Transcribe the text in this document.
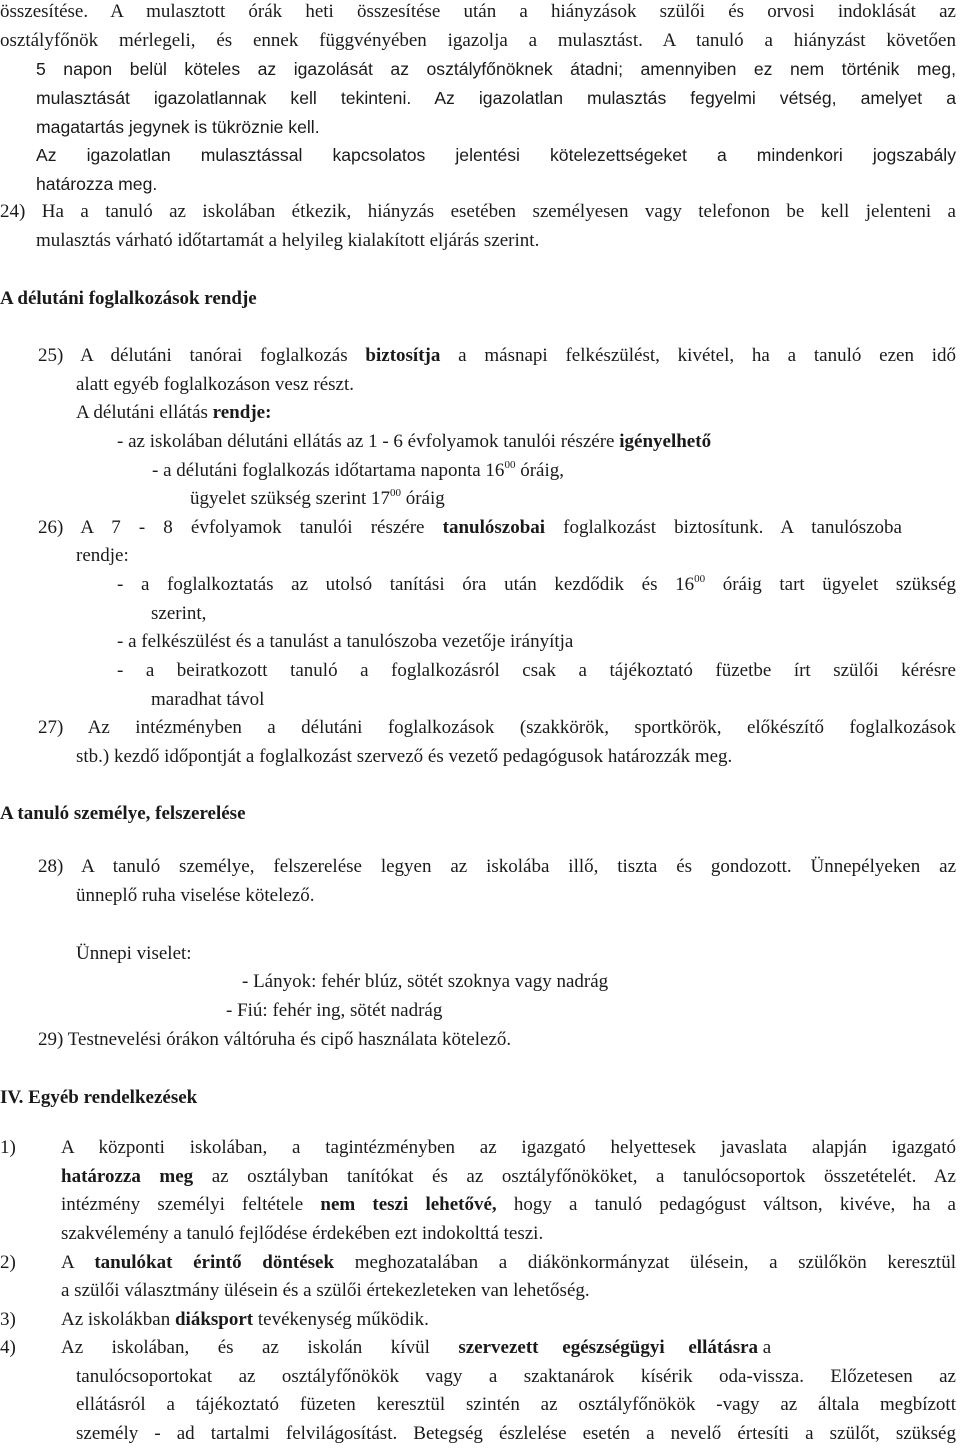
összesítése. A mulasztott órák heti összesítése után a hiányzások szülői és orvosi indoklását az
osztályfőnök mérlegeli, és ennek függvényében igazolja a mulasztást. A tanuló a hiányzást követően
5 napon belül köteles az igazolását az osztályfőnöknek átadni; amennyiben ez nem történik meg,
mulasztását igazolatlannak kell tekinteni. Az igazolatlan mulasztás fegyelmi vétség, amelyet a
magatartás jegynek is tükröznie kell.
Az igazolatlan mulasztással kapcsolatos jelentési kötelezettségeket a mindenkori jogszabály
határozza meg.
24) Ha a tanuló az iskolában étkezik, hiányzás esetében személyesen vagy telefonon be kell jelenteni a
mulasztás várható időtartamát a helyileg kialakított eljárás szerint.
A délutáni foglalkozások rendje
25) A délutáni tanórai foglalkozás biztosítja a másnapi felkészülést, kivétel, ha a tanuló ezen idő
alatt egyéb foglalkozáson vesz részt.
A délutáni ellátás rendje:
- az iskolában délutáni ellátás az 1 - 6 évfolyamok tanulói részére igényelhető
- a délutáni foglalkozás időtartama naponta $16^{00}$ óráig,
ügyelet szükség szerint $17^{00}$ óráig
26) A 7 - 8 évfolyamok tanulói részére tanulószobai foglalkozást biztosítunk. A tanulószoba
rendje:
- a foglalkoztatás az utolsó tanítási óra után kezdődik és $16^{00}$ óráig tart ügyelet szükség
szerint,
- a felkészülést és a tanulást a tanulószoba vezetője irányítja
- a beiratkozott tanuló a foglalkozásról csak a tájékoztató füzetbe írt szülői kérésre
maradhat távol
27) Az intézményben a délutáni foglalkozások (szakkörök, sportkörök, előkészítő foglalkozások
stb.) kezdő időpontját a foglalkozást szervező és vezető pedagógusok határozzák meg.
A tanuló személye, felszerelése
28) A tanuló személye, felszerelése legyen az iskolába illő, tiszta és gondozott. Ünnepélyeken az
ünneplő ruha viselése kötelező.
Ünnepi viselet:
- Lányok: fehér blúz, sötét szoknya vagy nadrág
- Fiú: fehér ing, sötét nadrág
29) Testnevelési órákon váltóruha és cipő használata kötelező.
IV. Egyéb rendelkezések
1) A központi iskolában, a tagintézményben az igazgató helyettesek javaslata alapján igazgató
határozza meg az osztályban tanítókat és az osztályfőnököket, a tanulócsoportok összetételét. Az
intézmény személyi feltétele nem teszi lehetővé, hogy a tanuló pedagógust váltson, kivéve, ha a
szakvélemény a tanuló fejlődése érdekében ezt indokolttá teszi.
2) A tanulókat érintő döntések meghozatalában a diákönkormányzat ülésein, a szülőkön keresztül
a szülői választmány ülésein és a szülői értekezleteken van lehetőség.
3) Az iskolákban diáksport tevékenység működik.
4) Az      iskolában,      és      az      iskolán      kívül      szervezett     egészségügyi     ellátásra a
tanulócsoportokat az osztályfőnökök vagy a szaktanárok kísérik oda-vissza. Előzetesen az
ellátásról a tájékoztató füzeten keresztül szintén az osztályfőnökök -vagy az általa megbízott
személy - ad tartalmi felvilágosítást. Betegség észlelése esetén a nevelő értesíti a szülőt, szükség
